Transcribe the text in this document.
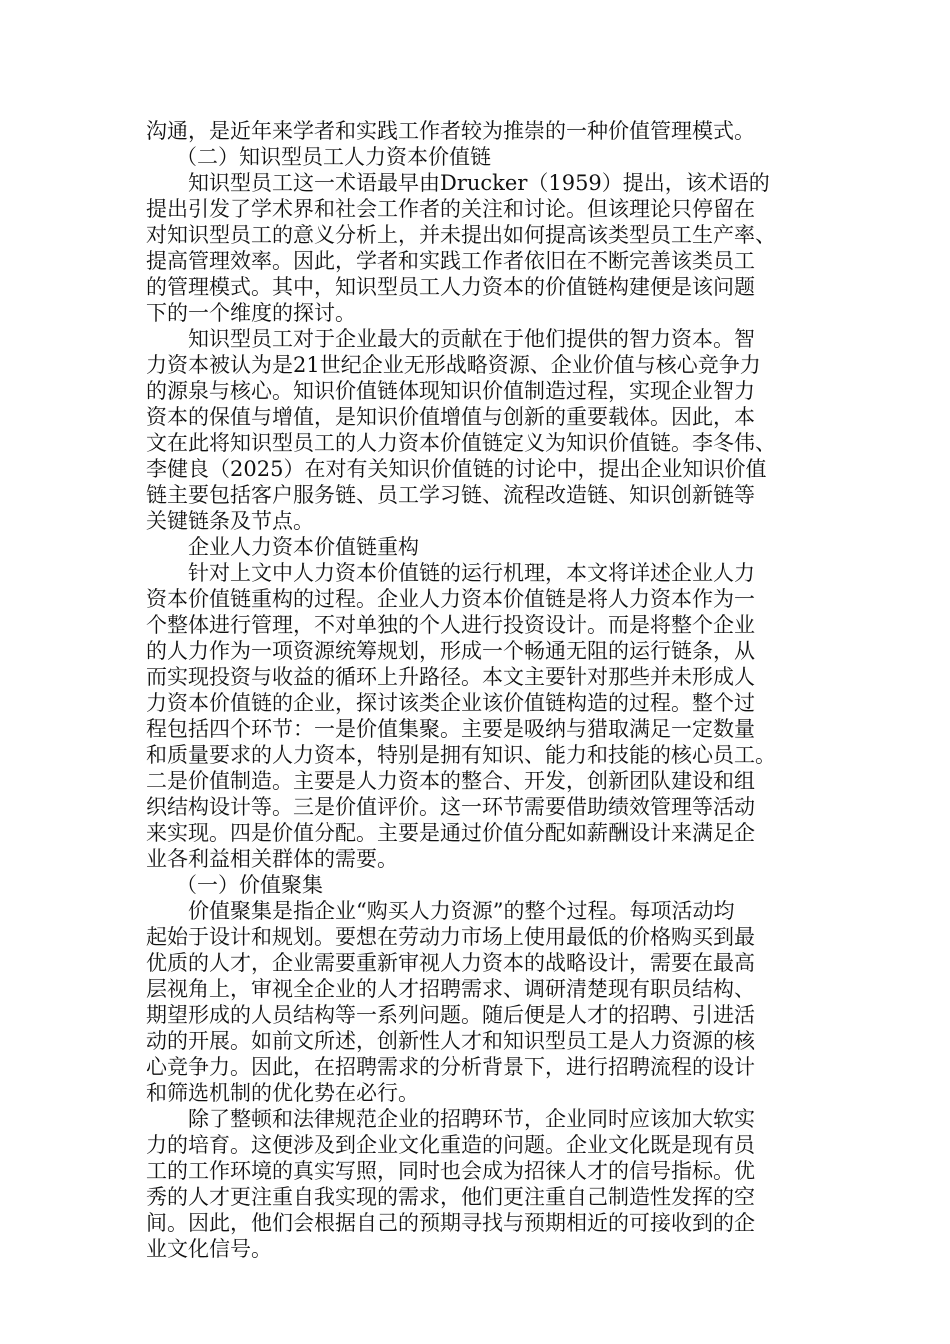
沟通，是近年来学者和实践工作者较为推崇的一种价值管理模式。
（二）知识型员工人力资本价值链
知识型员工这一术语最早由Drucker（1959）提出，该术语的
提出引发了学术界和社会工作者的关注和讨论。但该理论只停留在
对知识型员工的意义分析上，并未提出如何提高该类型员工生产率、
提高管理效率。因此，学者和实践工作者依旧在不断完善该类员工
的管理模式。其中，知识型员工人力资本的价值链构建便是该问题
下的一个维度的探讨。
知识型员工对于企业最大的贡献在于他们提供的智力资本。智
力资本被认为是21世纪企业无形战略资源、企业价值与核心竞争力
的源泉与核心。知识价值链体现知识价值制造过程，实现企业智力
资本的保值与增值，是知识价值增值与创新的重要载体。因此，本
文在此将知识型员工的人力资本价值链定义为知识价值链。李冬伟、
李健良（2025）在对有关知识价值链的讨论中，提出企业知识价值
链主要包括客户服务链、员工学习链、流程改造链、知识创新链等
关键链条及节点。
企业人力资本价值链重构
针对上文中人力资本价值链的运行机理，本文将详述企业人力
资本价值链重构的过程。企业人力资本价值链是将人力资本作为一
个整体进行管理，不对单独的个人进行投资设计。而是将整个企业
的人力作为一项资源统筹规划，形成一个畅通无阻的运行链条，从
而实现投资与收益的循环上升路径。本文主要针对那些并未形成人
力资本价值链的企业，探讨该类企业该价值链构造的过程。整个过
程包括四个环节：一是价值集聚。主要是吸纳与猎取满足一定数量
和质量要求的人力资本，特别是拥有知识、能力和技能的核心员工。
二是价值制造。主要是人力资本的整合、开发，创新团队建设和组
织结构设计等。三是价值评价。这一环节需要借助绩效管理等活动
来实现。四是价值分配。主要是通过价值分配如薪酬设计来满足企
业各利益相关群体的需要。
（一）价值聚集
价值聚集是指企业“购买人力资源”的整个过程。每项活动均
起始于设计和规划。要想在劳动力市场上使用最低的价格购买到最
优质的人才，企业需要重新审视人力资本的战略设计，需要在最高
层视角上，审视全企业的人才招聘需求、调研清楚现有职员结构、
期望形成的人员结构等一系列问题。随后便是人才的招聘、引进活
动的开展。如前文所述，创新性人才和知识型员工是人力资源的核
心竞争力。因此，在招聘需求的分析背景下，进行招聘流程的设计
和筛选机制的优化势在必行。
除了整顿和法律规范企业的招聘环节，企业同时应该加大软实
力的培育。这便涉及到企业文化重造的问题。企业文化既是现有员
工的工作环境的真实写照，同时也会成为招徕人才的信号指标。优
秀的人才更注重自我实现的需求，他们更注重自己制造性发挥的空
间。因此，他们会根据自己的预期寻找与预期相近的可接收到的企
业文化信号。
